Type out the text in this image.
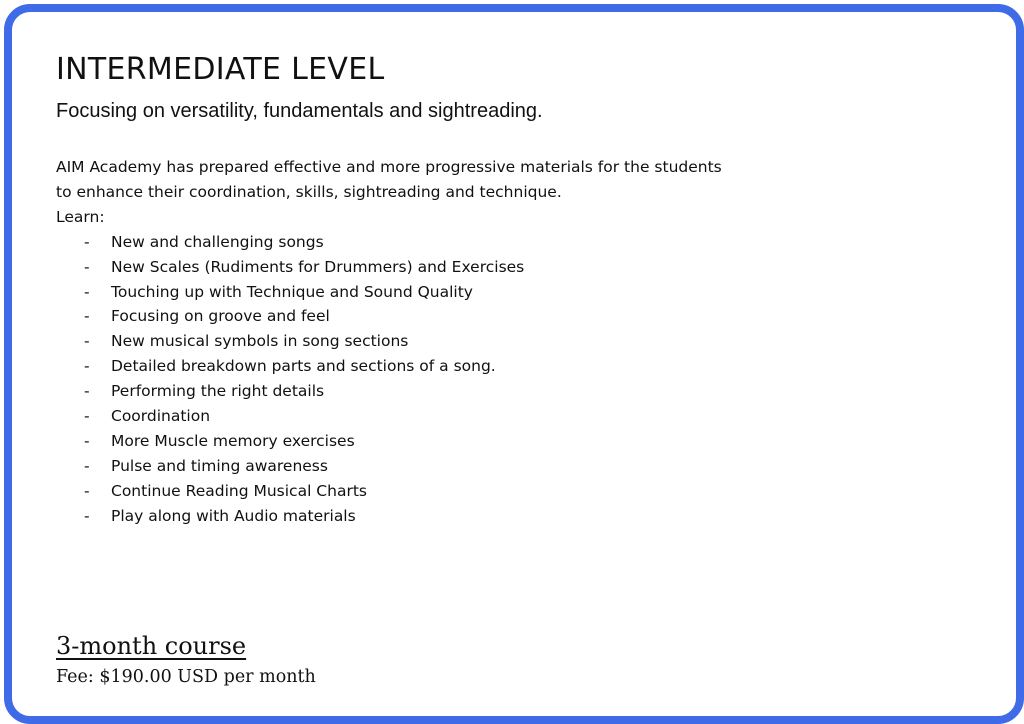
INTERMEDIATE LEVEL

Focusing on versatility, fundamentals and sightreading.

AIM Academy has prepared effective and more progressive materials for the students

to enhance their coordination, skills, sightreading and technique.

Learn:

- New and challenging songs
- New Scales (Rudiments for Drummers) and Exercises
- Touching up with Technique and Sound Quality
- Focusing on groove and feel
- New musical symbols in song sections
- Detailed breakdown parts and sections of a song.
- Performing the right details
- Coordination
- More Muscle memory exercises
- Pulse and timing awareness
- Continue Reading Musical Charts
- Play along with Audio materials

3-month course

Fee: $190.00 USD per month
